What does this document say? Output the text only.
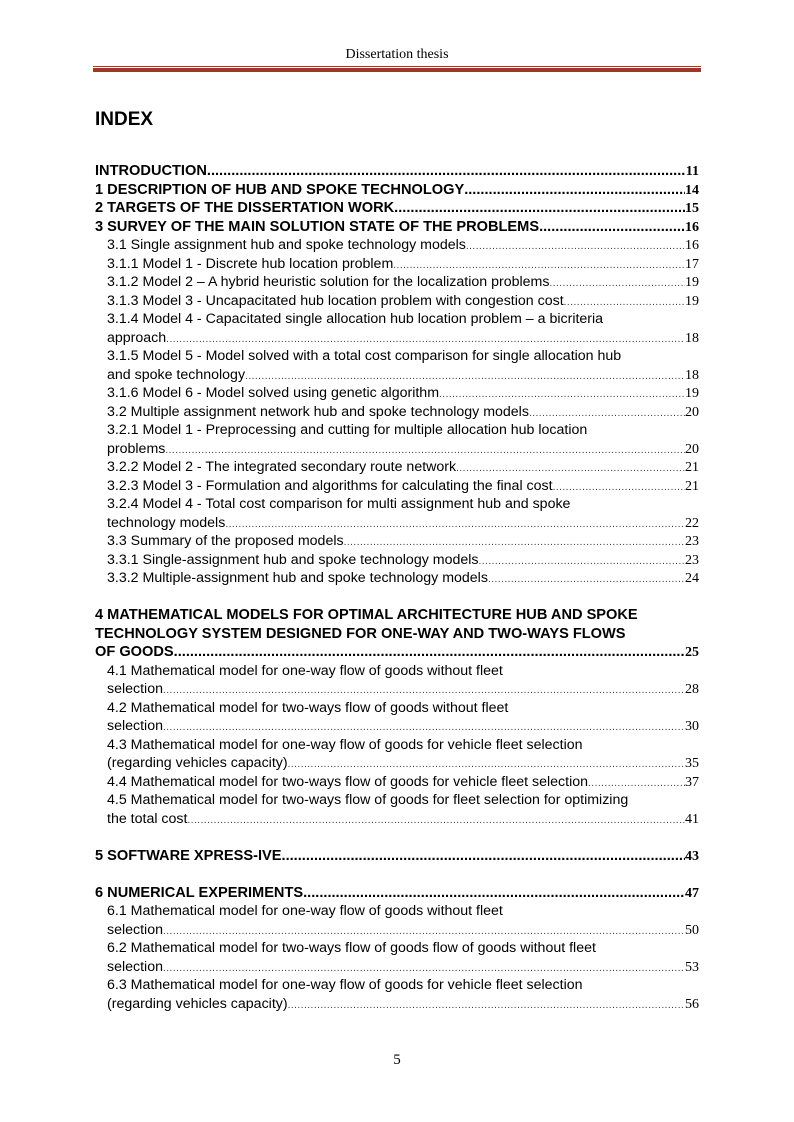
Dissertation thesis
INDEX
INTRODUCTION .....	11
1 DESCRIPTION OF HUB AND SPOKE TECHNOLOGY .....	14
2 TARGETS OF THE DISSERTATION WORK .....	15
3 SURVEY OF THE MAIN SOLUTION STATE OF THE PROBLEMS .....	16
3.1 Single assignment hub and spoke technology models .....	16
3.1.1 Model 1 - Discrete hub location problem .....	17
3.1.2 Model 2 – A hybrid heuristic solution for the localization problems .....	19
3.1.3 Model 3 - Uncapacitated hub location problem with congestion cost .....	19
3.1.4 Model 4 - Capacitated single allocation hub location problem – a bicriteria
approach .....	18
3.1.5 Model 5 - Model solved with a total cost comparison for single allocation hub
and spoke technology .....	18
3.1.6 Model 6 - Model solved using genetic algorithm .....	19
3.2 Multiple assignment network hub and spoke technology models .....	20
3.2.1 Model 1 - Preprocessing and cutting for multiple allocation hub location
problems .....	20
3.2.2 Model 2 - The integrated secondary route network .....	21
3.2.3 Model 3 - Formulation and algorithms for calculating the final cost .....	21
3.2.4 Model 4 - Total cost comparison for multi assignment hub and spoke
technology models .....	22
3.3 Summary of the proposed models .....	23
3.3.1 Single-assignment hub and spoke technology models .....	23
3.3.2 Multiple-assignment hub and spoke technology models .....	24
4 MATHEMATICAL MODELS FOR OPTIMAL ARCHITECTURE HUB AND SPOKE
TECHNOLOGY SYSTEM DESIGNED FOR ONE-WAY AND TWO-WAYS FLOWS
OF GOODS .....	25
4.1 Mathematical model for one-way flow of goods without fleet
selection .....	28
4.2 Mathematical model for two-ways flow of goods without fleet
selection .....	30
4.3 Mathematical model for one-way flow of goods for vehicle fleet selection
(regarding vehicles capacity) .....	35
4.4 Mathematical model for two-ways flow of goods for vehicle fleet selection .....	37
4.5 Mathematical model for two-ways flow of goods for fleet selection for optimizing
the total cost .....	41
5 SOFTWARE XPRESS-IVE .....	43
6 NUMERICAL EXPERIMENTS .....	47
6.1 Mathematical model for one-way flow of goods without fleet
selection .....	50
6.2 Mathematical model for two-ways flow of goods flow of goods without fleet
selection .....	53
6.3 Mathematical model for one-way flow of goods for vehicle fleet selection
(regarding vehicles capacity) .....	56
5
